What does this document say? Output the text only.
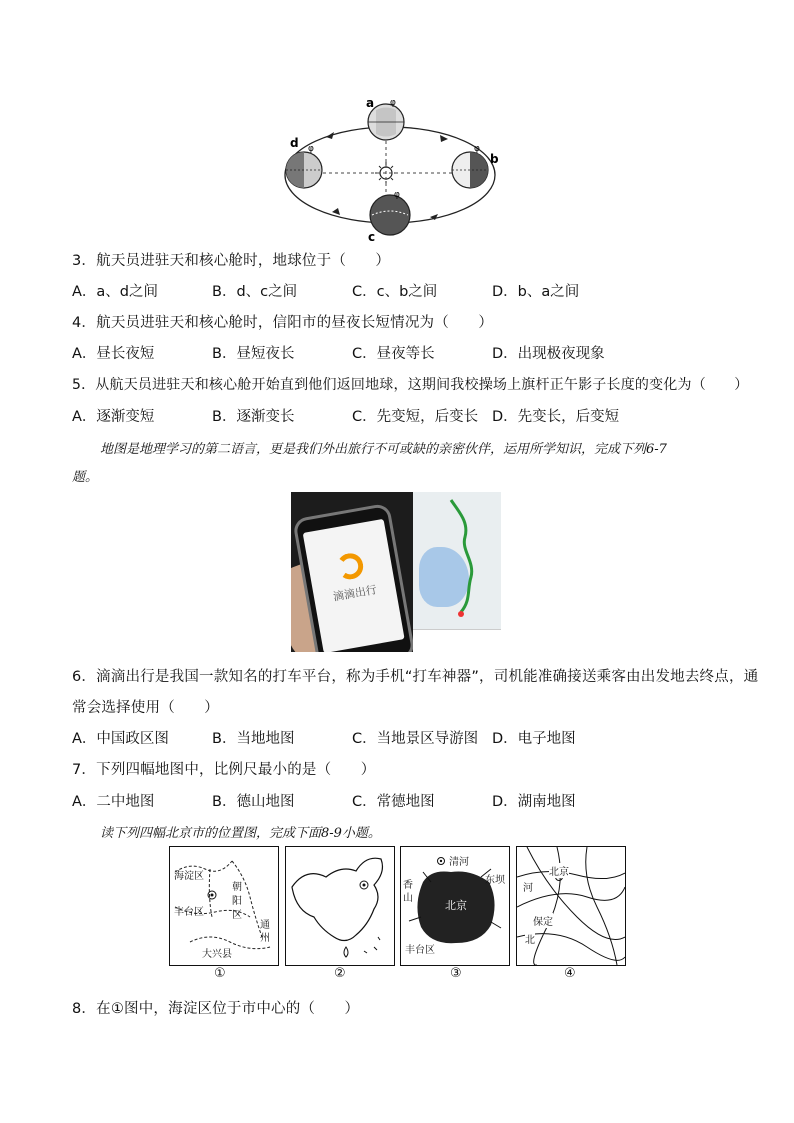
a
b
c
d
φ
φ
φ
φ
3．航天员进驻天和核心舱时，地球位于（　　）
A．a、d之间	B．d、c之间	C．c、b之间	D．b、a之间
4．航天员进驻天和核心舱时，信阳市的昼夜长短情况为（　　）
A．昼长夜短	B．昼短夜长	C．昼夜等长	D．出现极夜现象
5．从航天员进驻天和核心舱开始直到他们返回地球，这期间我校操场上旗杆正午影子长度的变化为（　　）
A．逐渐变短	B．逐渐变长	C．先变短，后变长 D．先变长，后变短
地图是地理学习的第二语言，更是我们外出旅行不可或缺的亲密伙伴，运用所学知识，完成下列6-7
题。
滴滴出行
6．滴滴出行是我国一款知名的打车平台，称为手机“打车神器”，司机能准确接送乘客由出发地去终点，通
常会选择使用（　　）
A．中国政区图	B．当地地图	C．当地景区导游图 D．电子地图
7．下列四幅地图中，比例尺最小的是（　　）
A．二中地图	B．德山地图	C．常德地图	D．湖南地图
读下列四幅北京市的位置图，完成下面8-9小题。
海淀区
朝阳区
丰台区
通州
大兴县
清河
东坝
香山
北京
丰台区
北京
河
保定
北
①	②	③	④
8．在①图中，海淀区位于市中心的（　　）
